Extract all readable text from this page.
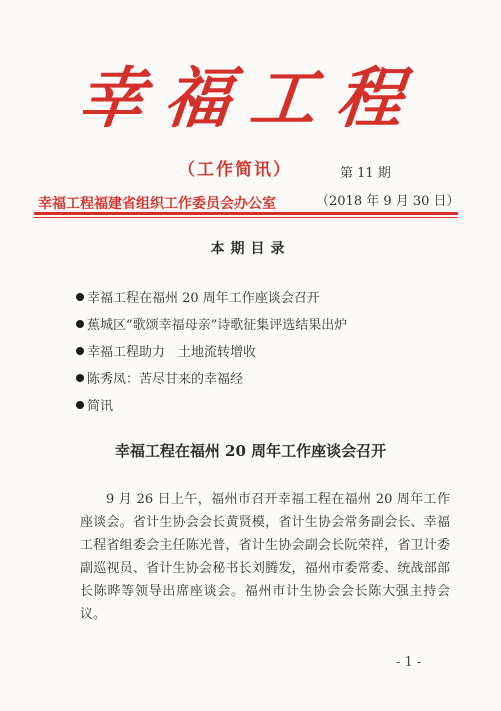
幸福工程
（工作简讯）	第 11 期
幸福工程福建省组织工作委员会办公室	（2018 年 9 月 30 日）
本期目录
幸福工程在福州 20 周年工作座谈会召开
蕉城区“歌颂幸福母亲”诗歌征集评选结果出炉
幸福工程助力　土地流转增收
陈秀凤：苦尽甘来的幸福经
简讯
幸福工程在福州 20 周年工作座谈会召开

9 月 26 日上午，福州市召开幸福工程在福州 20 周年工作座谈会。省计生协会会长黄贤模，省计生协会常务副会长、幸福工程省组委会主任陈光普，省计生协会副会长阮荣祥，省卫计委副巡视员、省计生协会秘书长刘腾发，福州市委常委、统战部部长陈晔等领导出席座谈会。福州市计生协会会长陈大强主持会议。

- 1 -
